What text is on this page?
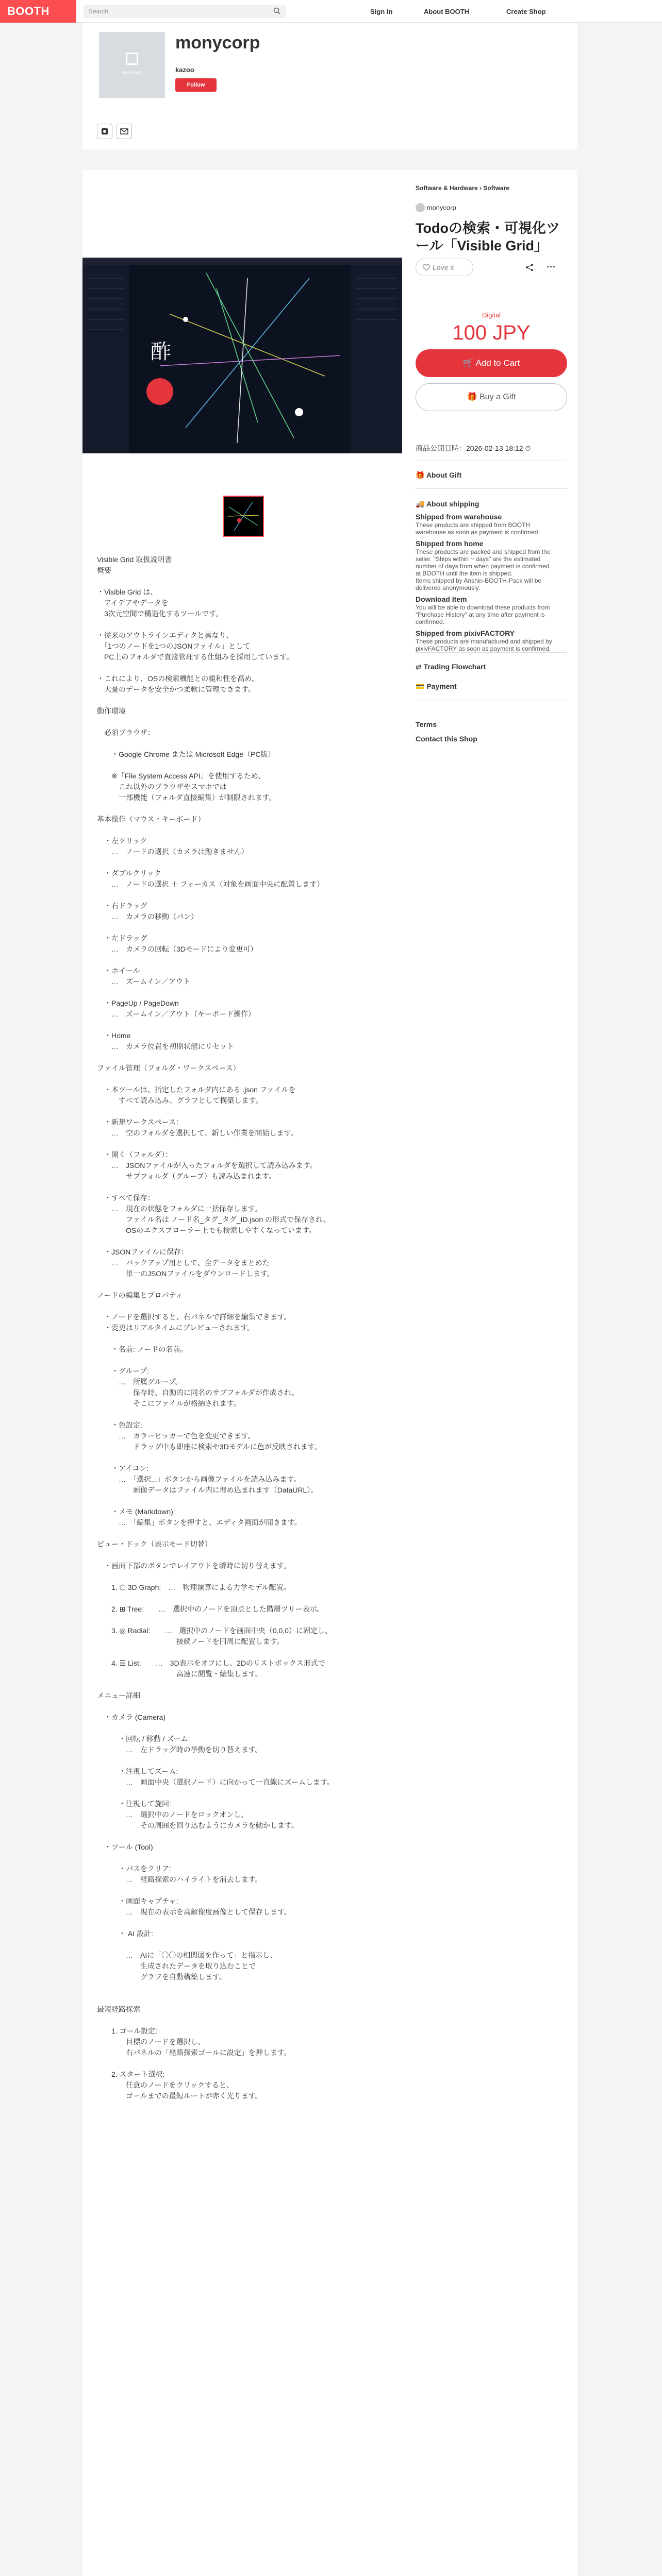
BOOTH	Search	Sign In	About BOOTH	Create Shop
no image
monycorp
kazoo
Follow
酢
Visible Grid 取扱説明書
概要

・Visible Grid は、
　アイデアやデータを
　3次元空間で構造化するツールです。

・従来のアウトラインエディタと異なり、
　「1つのノードを1つのJSONファイル」として
　PC上のフォルダで直接管理する仕組みを採用しています。

・これにより、OSの検索機能との親和性を高め、
　大量のデータを安全かつ柔軟に管理できます。

動作環境

　必須ブラウザ：

　　・Google Chrome または Microsoft Edge（PC版）

　　※「File System Access API」を使用するため、
　　　これ以外のブラウザやスマホでは
　　　一部機能（フォルダ直接編集）が制限されます。

基本操作（マウス・キーボード）

　・左クリック
　　…　ノードの選択（カメラは動きません）

　・ダブルクリック
　　…　ノードの選択 ＋ フォーカス（対象を画面中央に配置します）

　・右ドラッグ
　　…　カメラの移動（パン）

　・左ドラッグ
　　…　カメラの回転（3Dモードにより変更可）

　・ホイール
　　…　ズームイン／アウト

　・PageUp / PageDown
　　…　ズームイン／アウト（キーボード操作）

　・Home
　　…　カメラ位置を初期状態にリセット

ファイル管理（フォルダ・ワークスペース）

　・本ツールは、指定したフォルダ内にある .json ファイルを
　　　すべて読み込み、グラフとして構築します。

　・新規ワークスペース：
　　…　空のフォルダを選択して、新しい作業を開始します。

　・開く（フォルダ）：
　　…　JSONファイルが入ったフォルダを選択して読み込みます。
　　　　サブフォルダ（グループ）も読み込まれます。

　・すべて保存：
　　…　現在の状態をフォルダに一括保存します。
　　　　ファイル名は ノード名_タグ_タグ_ID.json の形式で保存され、
　　　　OSのエクスプローラー上でも検索しやすくなっています。

　・JSONファイルに保存：
　　…　バックアップ用として、全データをまとめた
　　　　単一のJSONファイルをダウンロードします。

ノードの編集とプロパティ

　・ノードを選択すると、右パネルで詳細を編集できます。
　・変更はリアルタイムにプレビューされます。

　　・名前: ノードの名前。

　　・グループ:
　　　…　所属グループ。
　　　　　保存時、自動的に同名のサブフォルダが作成され、
　　　　　そこにファイルが格納されます。

　　・色設定:
　　　…　カラーピッカーで色を変更できます。
　　　　　ドラッグ中も即座に検索や3Dモデルに色が反映されます。

　　・アイコン:
　　　…　「選択...」ボタンから画像ファイルを読み込みます。
　　　　　画像データはファイル内に埋め込まれます（DataURL）。

　　・メモ (Markdown):
　　　…　「編集」ボタンを押すと、エディタ画面が開きます。

ビュー・ドック（表示モード切替）

　・画面下部のボタンでレイアウトを瞬時に切り替えます。

　　1. ⬡ 3D Graph:　…　物理演算による力学モデル配置。

　　2. ⊞ Tree:　　…　選択中のノードを頂点とした階層ツリー表示。

　　3. ◎ Radial:　　…　選択中のノードを画面中央（0,0,0）に固定し、
　　　　　　　　　　　接続ノードを円周に配置します。

　　4. ☰ List:　　…　3D表示をオフにし、2Dのリストボックス形式で
　　　　　　　　　　　高速に閲覧・編集します。

メニュー詳細

　・カメラ (Camera)

　　　・回転 / 移動 / ズーム:
　　　　…　左ドラッグ時の挙動を切り替えます。

　　　・注視してズーム:
　　　　…　画面中央（選択ノード）に向かって一直線にズームします。

　　　・注視して旋回:
　　　　…　選択中のノードをロックオンし、
　　　　　　その周囲を回り込むようにカメラを動かします。

　・ツール (Tool)

　　　・パスをクリア:
　　　　…　経路探索のハイライトを消去します。

　　　・画面キャプチャ:
　　　　…　現在の表示を高解像度画像として保存します。

　　　・ AI 設計:

　　　　…　AIに「〇〇の相関図を作って」と指示し、
　　　　　　生成されたデータを取り込むことで
　　　　　　グラフを自動構築します。

最短経路探索

　　1. ゴール設定:
　　　　目標のノードを選択し、
　　　　右パネルの「経路探索ゴールに設定」を押します。

　　2. スタート選択:
　　　　任意のノードをクリックすると、
　　　　ゴールまでの最短ルートが赤く光ります。
Software & Hardware › Software
monycorp
Todoの検索・可視化ツール「Visible Grid」
Love it	···
Digital
100 JPY
🛒 Add to Cart
🎁 Buy a Gift
商品公開日時：2026-02-13 18:12 ⏱
🎁 About Gift
🚚 About shipping
Shipped from warehouse
These products are shipped from BOOTH
warehouse as soon as payment is confirmed
Shipped from home
These products are packed and shipped from the
seller. "Ships within ~ days" are the estimated
number of days from when payment is confirmed
at BOOTH until the item is shipped.
Items shipped by Anshin-BOOTH-Pack will be
delivered anonymously.
Download Item
You will be able to download these products from
"Purchase History" at any time after payment is
confirmed.
Shipped from pixivFACTORY
These products are manufactured and shipped by
pixivFACTORY as soon as payment is confirmed.
⇄ Trading Flowchart
💳 Payment
Terms
Contact this Shop
